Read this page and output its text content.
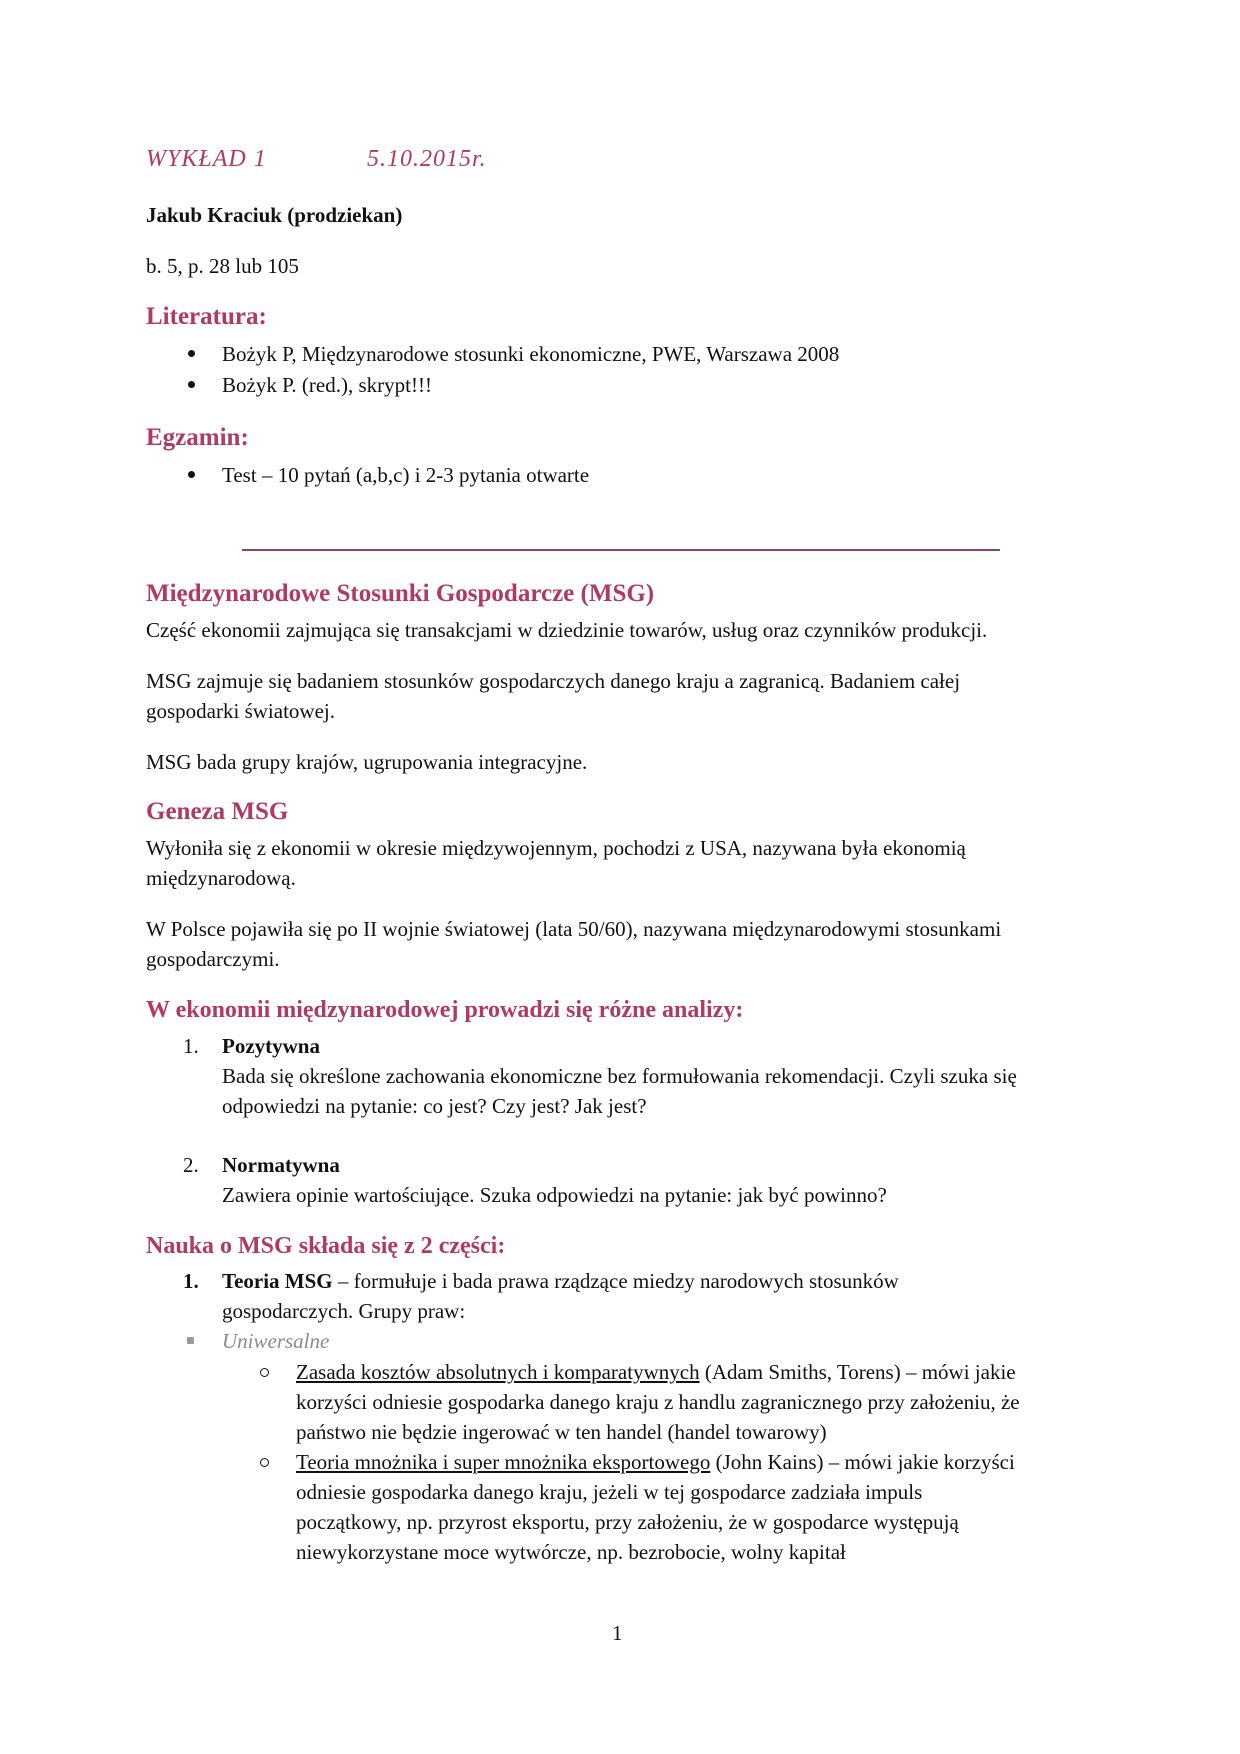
WYKŁAD 1	5.10.2015r.
Jakub Kraciuk (prodziekan)
b. 5, p. 28 lub 105
Literatura:
Bożyk P, Międzynarodowe stosunki ekonomiczne, PWE, Warszawa 2008
Bożyk P. (red.), skrypt!!!
Egzamin:
Test – 10 pytań (a,b,c) i 2-3 pytania otwarte
Międzynarodowe Stosunki Gospodarcze (MSG)
Część ekonomii zajmująca się transakcjami w dziedzinie towarów, usług oraz czynników produkcji.
MSG zajmuje się badaniem stosunków gospodarczych danego kraju a zagranicą. Badaniem całej
gospodarki światowej.
MSG bada grupy krajów, ugrupowania integracyjne.
Geneza MSG
Wyłoniła się z ekonomii w okresie międzywojennym, pochodzi z USA, nazywana była ekonomią
międzynarodową.
W Polsce pojawiła się po II wojnie światowej (lata 50/60), nazywana międzynarodowymi stosunkami
gospodarczymi.
W ekonomii międzynarodowej prowadzi się różne analizy:
1. Pozytywna
Bada się określone zachowania ekonomiczne bez formułowania rekomendacji. Czyli szuka się
odpowiedzi na pytanie: co jest? Czy jest? Jak jest?
2. Normatywna
Zawiera opinie wartościujące. Szuka odpowiedzi na pytanie: jak być powinno?
Nauka o MSG składa się z 2 części:
1. Teoria MSG – formułuje i bada prawa rządzące miedzy narodowych stosunków
gospodarczych. Grupy praw:
Uniwersalne
Zasada kosztów absolutnych i komparatywnych (Adam Smiths, Torens) – mówi jakie
korzyści odniesie gospodarka danego kraju z handlu zagranicznego przy założeniu, że
państwo nie będzie ingerować w ten handel (handel towarowy)
Teoria mnożnika i super mnożnika eksportowego (John Kains) – mówi jakie korzyści
odniesie gospodarka danego kraju, jeżeli w tej gospodarce zadziała impuls
początkowy, np. przyrost eksportu, przy założeniu, że w gospodarce występują
niewykorzystane moce wytwórcze, np. bezrobocie, wolny kapitał
1
